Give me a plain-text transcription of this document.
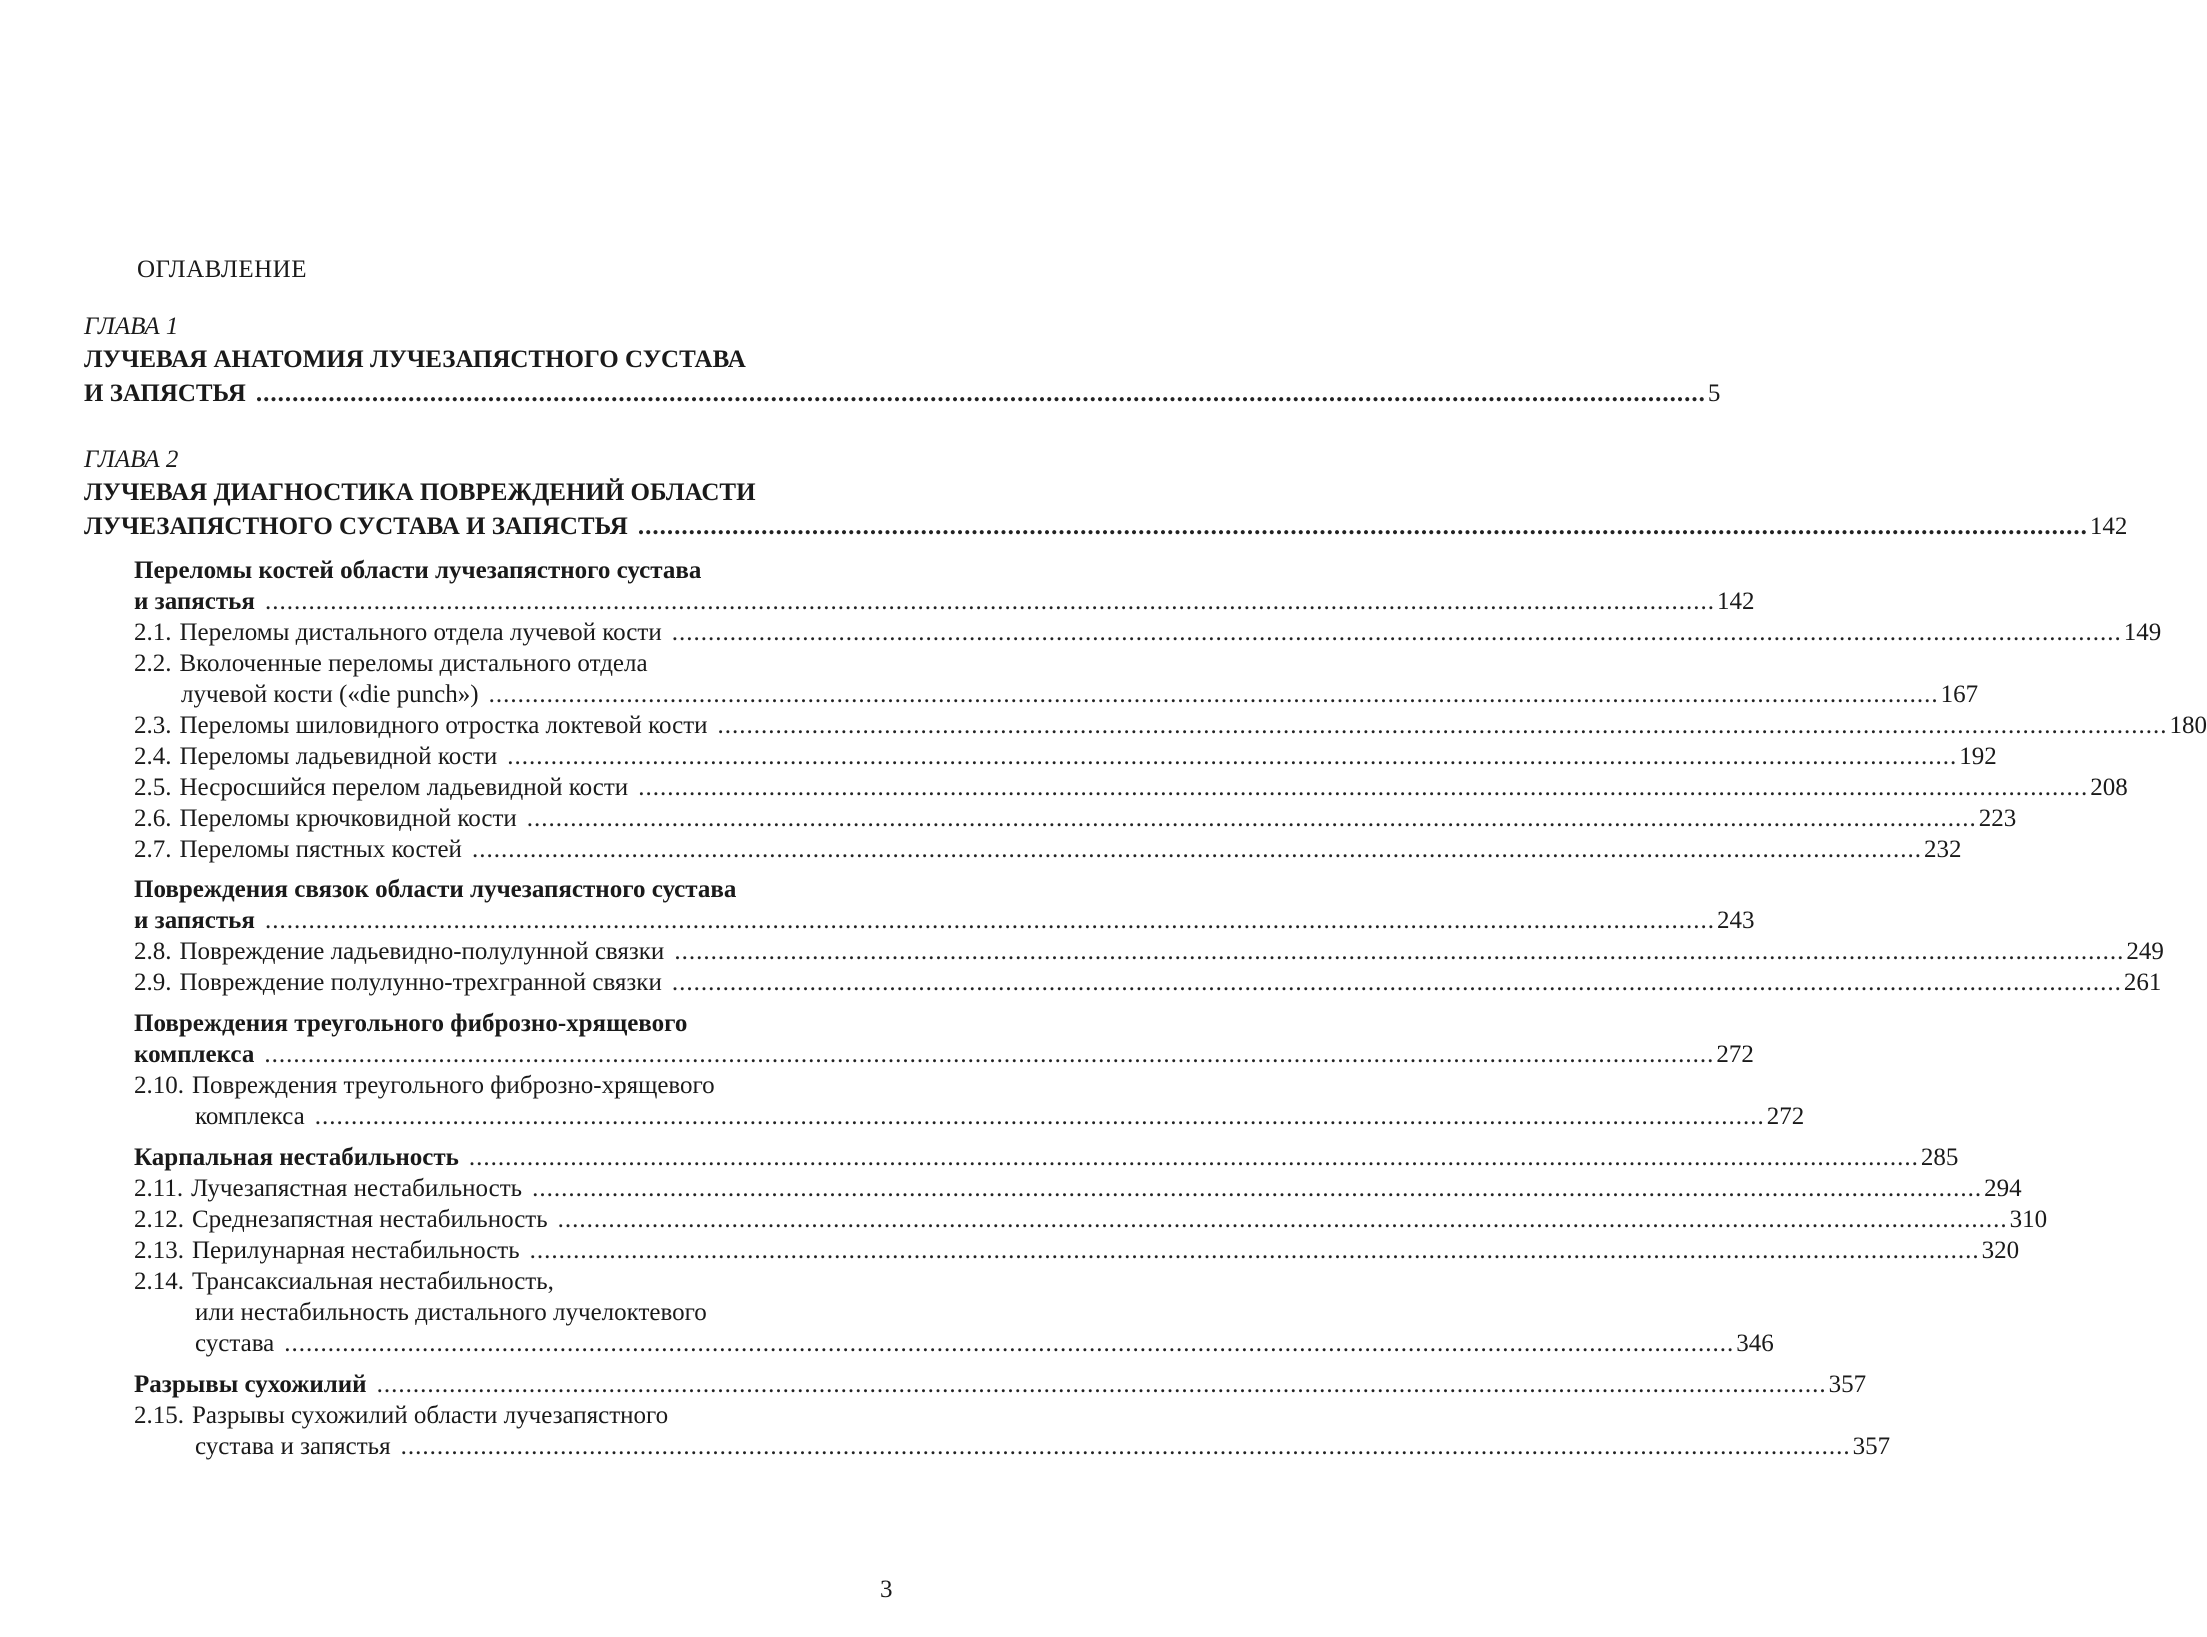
ОГЛАВЛЕНИЕ
ГЛАВА 1
ЛУЧЕВАЯ АНАТОМИЯ ЛУЧЕЗАПЯСТНОГО СУСТАВА
И ЗАПЯСТЬЯ ........................................................................................................................................................................................................ 5
ГЛАВА 2
ЛУЧЕВАЯ ДИАГНОСТИКА ПОВРЕЖДЕНИЙ ОБЛАСТИ
ЛУЧЕЗАПЯСТНОГО СУСТАВА И ЗАПЯСТЬЯ ........................................................................................................................................................................................................ 142
Переломы костей области лучезапястного сустава
и запястья ........................................................................................................................................................................................................ 142
2.1. Переломы дистального отдела лучевой кости ........................................................................................................................................................................................................ 149
2.2. Вколоченные переломы дистального отдела
лучевой кости («die punch») ........................................................................................................................................................................................................ 167
2.3. Переломы шиловидного отростка локтевой кости ........................................................................................................................................................................................................ 180
2.4. Переломы ладьевидной кости ........................................................................................................................................................................................................ 192
2.5. Несросшийся перелом ладьевидной кости ........................................................................................................................................................................................................ 208
2.6. Переломы крючковидной кости ........................................................................................................................................................................................................ 223
2.7. Переломы пястных костей ........................................................................................................................................................................................................ 232
Повреждения связок области лучезапястного сустава
и запястья ........................................................................................................................................................................................................ 243
2.8. Повреждение ладьевидно-полулунной связки ........................................................................................................................................................................................................ 249
2.9. Повреждение полулунно-трехгранной связки ........................................................................................................................................................................................................ 261
Повреждения треугольного фиброзно-хрящевого
комплекса ........................................................................................................................................................................................................ 272
2.10. Повреждения треугольного фиброзно-хрящевого
комплекса ........................................................................................................................................................................................................ 272
Карпальная нестабильность ........................................................................................................................................................................................................ 285
2.11. Лучезапястная нестабильность ........................................................................................................................................................................................................ 294
2.12. Среднезапястная нестабильность ........................................................................................................................................................................................................ 310
2.13. Перилунарная нестабильность ........................................................................................................................................................................................................ 320
2.14. Трансаксиальная нестабильность,
или нестабильность дистального лучелоктевого
сустава ........................................................................................................................................................................................................ 346
Разрывы сухожилий ........................................................................................................................................................................................................ 357
2.15. Разрывы сухожилий области лучезапястного
сустава и запястья ........................................................................................................................................................................................................ 357
3
